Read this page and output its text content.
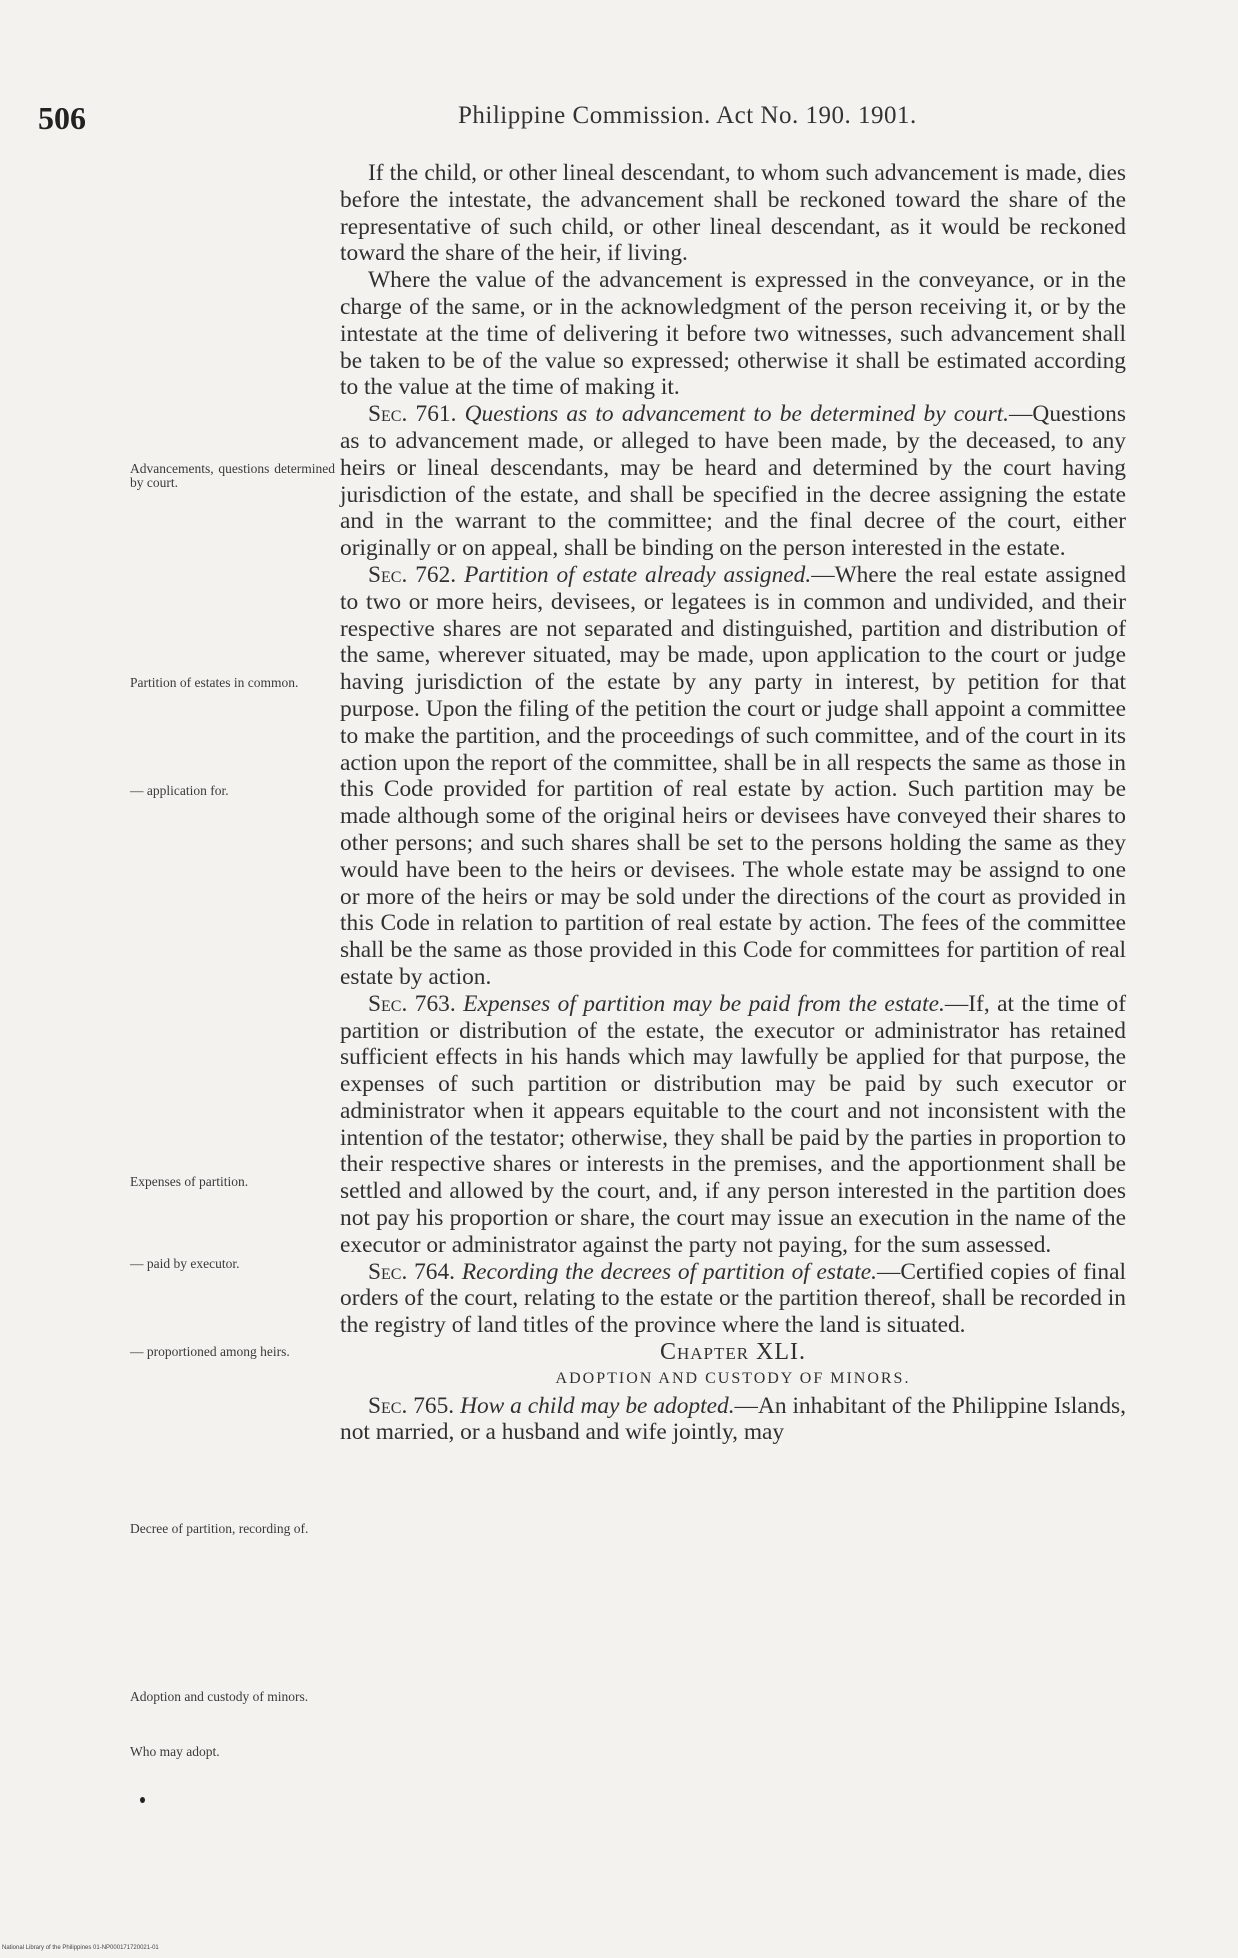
506	Philippine Commission. Act No. 190. 1901.

If the child, or other lineal descendant, to whom such advancement is made, dies before the intestate, the advancement shall be reckoned toward the share of the representative of such child, or other lineal descendant, as it would be reckoned toward the share of the heir, if living.

Where the value of the advancement is expressed in the conveyance, or in the charge of the same, or in the acknowledgment of the person receiving it, or by the intestate at the time of delivering it before two witnesses, such advancement shall be taken to be of the value so expressed; otherwise it shall be estimated according to the value at the time of making it.

Sec. 761. Questions as to advancement to be determined by court.—Questions as to advancement made, or alleged to have been made, by the deceased, to any heirs or lineal descendants, may be heard and determined by the court having jurisdiction of the estate, and shall be specified in the decree assigning the estate and in the warrant to the committee; and the final decree of the court, either originally or on appeal, shall be binding on the person interested in the estate.

Sec. 762. Partition of estate already assigned.—Where the real estate assigned to two or more heirs, devisees, or legatees is in common and undivided, and their respective shares are not separated and distinguished, partition and distribution of the same, wherever situated, may be made, upon application to the court or judge having jurisdiction of the estate by any party in interest, by petition for that purpose. Upon the filing of the petition the court or judge shall appoint a committee to make the partition, and the proceedings of such committee, and of the court in its action upon the report of the committee, shall be in all respects the same as those in this Code provided for partition of real estate by action. Such partition may be made although some of the original heirs or devisees have conveyed their shares to other persons; and such shares shall be set to the persons holding the same as they would have been to the heirs or devisees. The whole estate may be assignd to one or more of the heirs or may be sold under the directions of the court as provided in this Code in relation to partition of real estate by action. The fees of the committee shall be the same as those provided in this Code for committees for partition of real estate by action.

Sec. 763. Expenses of partition may be paid from the estate.—If, at the time of partition or distribution of the estate, the executor or administrator has retained sufficient effects in his hands which may lawfully be applied for that purpose, the expenses of such partition or distribution may be paid by such executor or administrator when it appears equitable to the court and not inconsistent with the intention of the testator; otherwise, they shall be paid by the parties in proportion to their respective shares or interests in the premises, and the apportionment shall be settled and allowed by the court, and, if any person interested in the partition does not pay his proportion or share, the court may issue an execution in the name of the executor or administrator against the party not paying, for the sum assessed.

Sec. 764. Recording the decrees of partition of estate.—Certified copies of final orders of the court, relating to the estate or the partition thereof, shall be recorded in the registry of land titles of the province where the land is situated.

Chapter XLI.

ADOPTION AND CUSTODY OF MINORS.

Sec. 765. How a child may be adopted.—An inhabitant of the Philippine Islands, not married, or a husband and wife jointly, may

Advancements, questions determined by court.
Partition of estates in common.
— application for.
Expenses of partition.
— paid by executor.
— proportioned among heirs.
Decree of partition, recording of.
Adoption and custody of minors.
Who may adopt.
National Library of the Philippines 01-NP000171720021-01
